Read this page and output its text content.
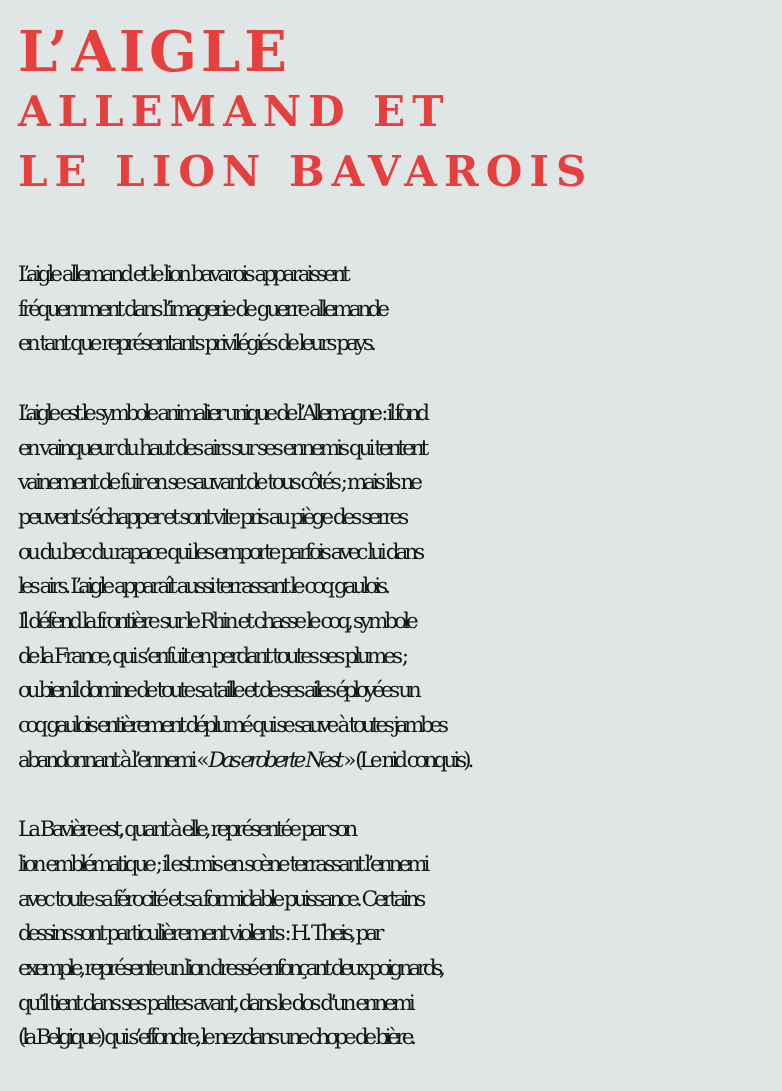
L’AIGLE
ALLEMAND ET
LE LION BAVAROIS

L’aigle allemand et le lion bavarois apparaissent
fréquemment dans l’imagerie de guerre allemande
en tant que représentants privilégiés de leurs pays.

L’aigle est le symbole animalier unique de l’Allemagne : il fond
en vainqueur du haut des airs sur ses ennemis qui tentent
vainement de fuir en se sauvant de tous côtés ; mais ils ne
peuvent s’échapper et sont vite pris au piège des serres
ou du bec du rapace qui les emporte parfois avec lui dans
les airs. L’aigle apparaît aussi terrassant le coq gaulois.
Il défend la frontière sur le Rhin et chasse le coq, symbole
de la France, qui s’enfuit en perdant toutes ses plumes ;
ou bien il domine de toute sa taille et de ses ailes éployées un
coq gaulois entièrement déplumé qui se sauve à toutes jambes
abandonnant à l’ennemi « Das eroberte Nest » (Le nid conquis).

La Bavière est, quant à elle, représentée par son
lion emblématique ; il est mis en scène terrassant l’ennemi
avec toute sa férocité et sa formidable puissance. Certains
dessins sont particulièrement violents : H. Theis, par
exemple, représente un lion dressé enfonçant deux poignards,
qu’il tient dans ses pattes avant, dans le dos d’un ennemi
(la Belgique) qui s’effondre, le nez dans une chope de bière.
